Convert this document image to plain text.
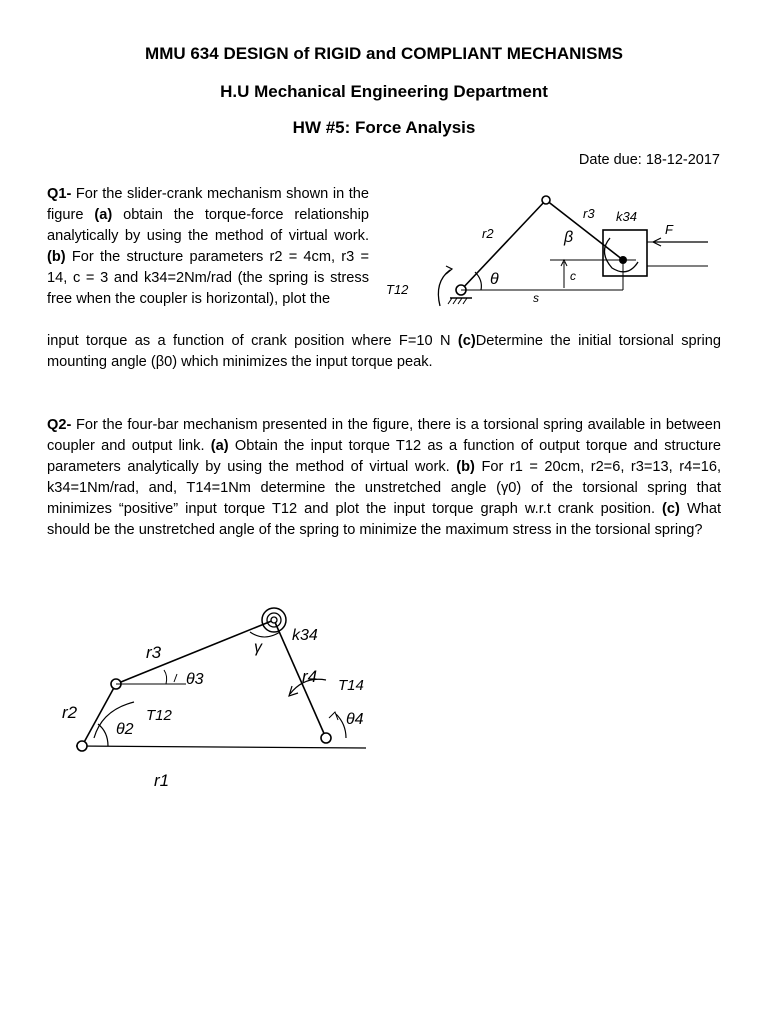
MMU 634 DESIGN of RIGID and COMPLIANT MECHANISMS
H.U Mechanical Engineering Department
HW #5: Force Analysis
Date due: 18-12-2017
Q1- For the slider-crank mechanism shown in the figure (a) obtain the torque-force relationship analytically by using the method of virtual work. (b) For the structure parameters r2 = 4cm, r3 = 14, c = 3 and k34=2Nm/rad (the spring is stress free when the coupler is horizontal), plot the
input torque as a function of crank position where F=10 N (c)Determine the initial torsional spring mounting angle (β0) which minimizes the input torque peak.
r2
r3 k34
F
T12
c
s
β
θ
Q2- For the four-bar mechanism presented in the figure, there is a torsional spring available in between coupler and output link. (a) Obtain the input torque T12 as a function of output torque and structure parameters analytically by using the method of virtual work. (b) For r1 = 20cm, r2=6, r3=13, r4=16, k34=1Nm/rad, and, T14=1Nm determine the unstretched angle (γ0) of the torsional spring that minimizes “positive” input torque T12 and plot the input torque graph w.r.t crank position. (c) What should be the unstretched angle of the spring to minimize the maximum stress in the torsional spring?
r3
r2
r1
r4
k34
T12
T14
θ2
θ3
θ4
γ
